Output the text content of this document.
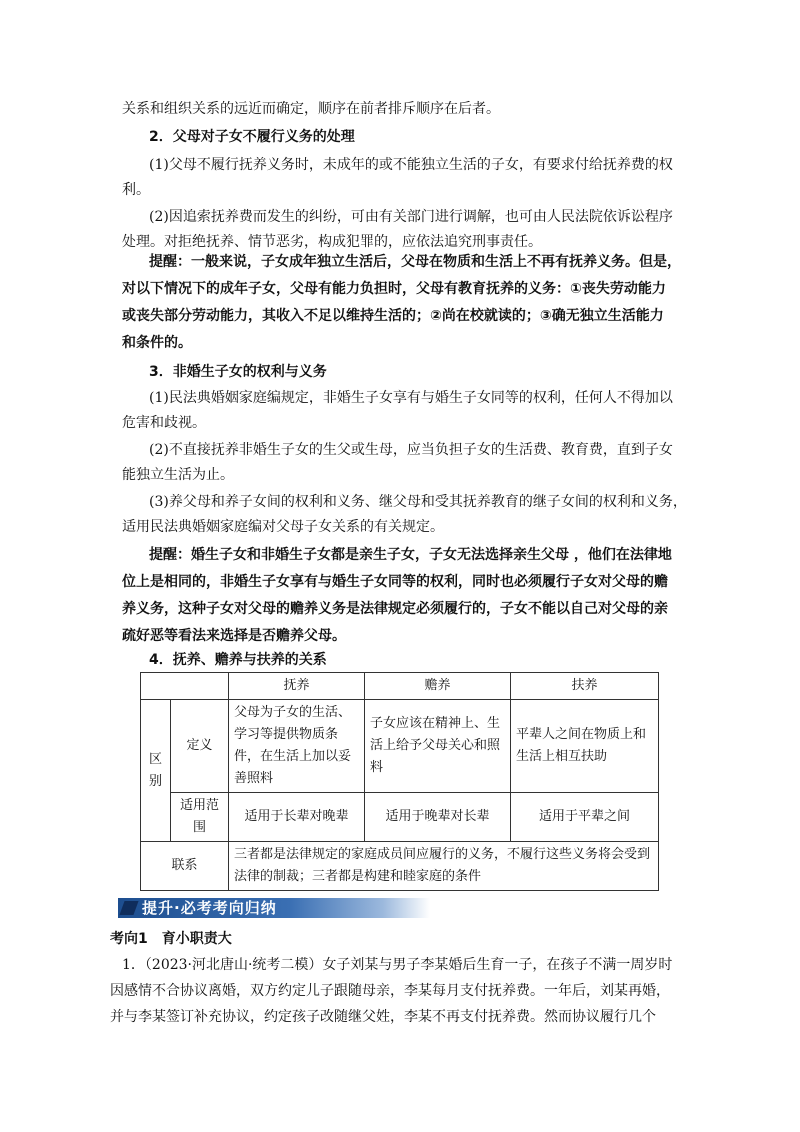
关系和组织关系的远近而确定，顺序在前者排斥顺序在后者。
2．父母对子女不履行义务的处理
(1)父母不履行抚养义务时，未成年的或不能独立生活的子女，有要求付给抚养费的权
利。
(2)因追索抚养费而发生的纠纷，可由有关部门进行调解，也可由人民法院依诉讼程序
处理。对拒绝抚养、情节恶劣，构成犯罪的，应依法追究刑事责任。
提醒：一般来说，子女成年独立生活后，父母在物质和生活上不再有抚养义务。但是，
对以下情况下的成年子女，父母有能力负担时，父母有教育抚养的义务：①丧失劳动能力
或丧失部分劳动能力，其收入不足以维持生活的；②尚在校就读的；③确无独立生活能力
和条件的。
3．非婚生子女的权利与义务
(1)民法典婚姻家庭编规定，非婚生子女享有与婚生子女同等的权利，任何人不得加以
危害和歧视。
(2)不直接抚养非婚生子女的生父或生母，应当负担子女的生活费、教育费，直到子女
能独立生活为止。
(3)养父母和养子女间的权利和义务、继父母和受其抚养教育的继子女间的权利和义务，
适用民法典婚姻家庭编对父母子女关系的有关规定。
提醒：婚生子女和非婚生子女都是亲生子女，子女无法选择亲生父母 ，他们在法律地
位上是相同的，非婚生子女享有与婚生子女同等的权利，同时也必须履行子女对父母的赡
养义务，这种子女对父母的赡养义务是法律规定必须履行的，子女不能以自己对父母的亲
疏好恶等看法来选择是否赡养父母。
4．抚养、赡养与扶养的关系
		抚养	赡养	扶养

区
别	定义	父母为子女的生活、学习等提供物质条件，在生活上加以妥善照料	子女应该在精神上、生活上给予父母关心和照料	平辈人之间在物质上和生活上相互扶助
	适用范围	适用于长辈对晚辈	适用于晚辈对长辈	适用于平辈之间
联系		三者都是法律规定的家庭成员间应履行的义务，不履行这些义务将会受到法律的制裁；三者都是构建和睦家庭的条件		
提升·必考考向归纳
考向1　育小职责大
1．（2023·河北唐山·统考二模）女子刘某与男子李某婚后生育一子，在孩子不满一周岁时
因感情不合协议离婚，双方约定儿子跟随母亲，李某每月支付抚养费。一年后，刘某再婚，
并与李某签订补充协议，约定孩子改随继父姓，李某不再支付抚养费。然而协议履行几个
